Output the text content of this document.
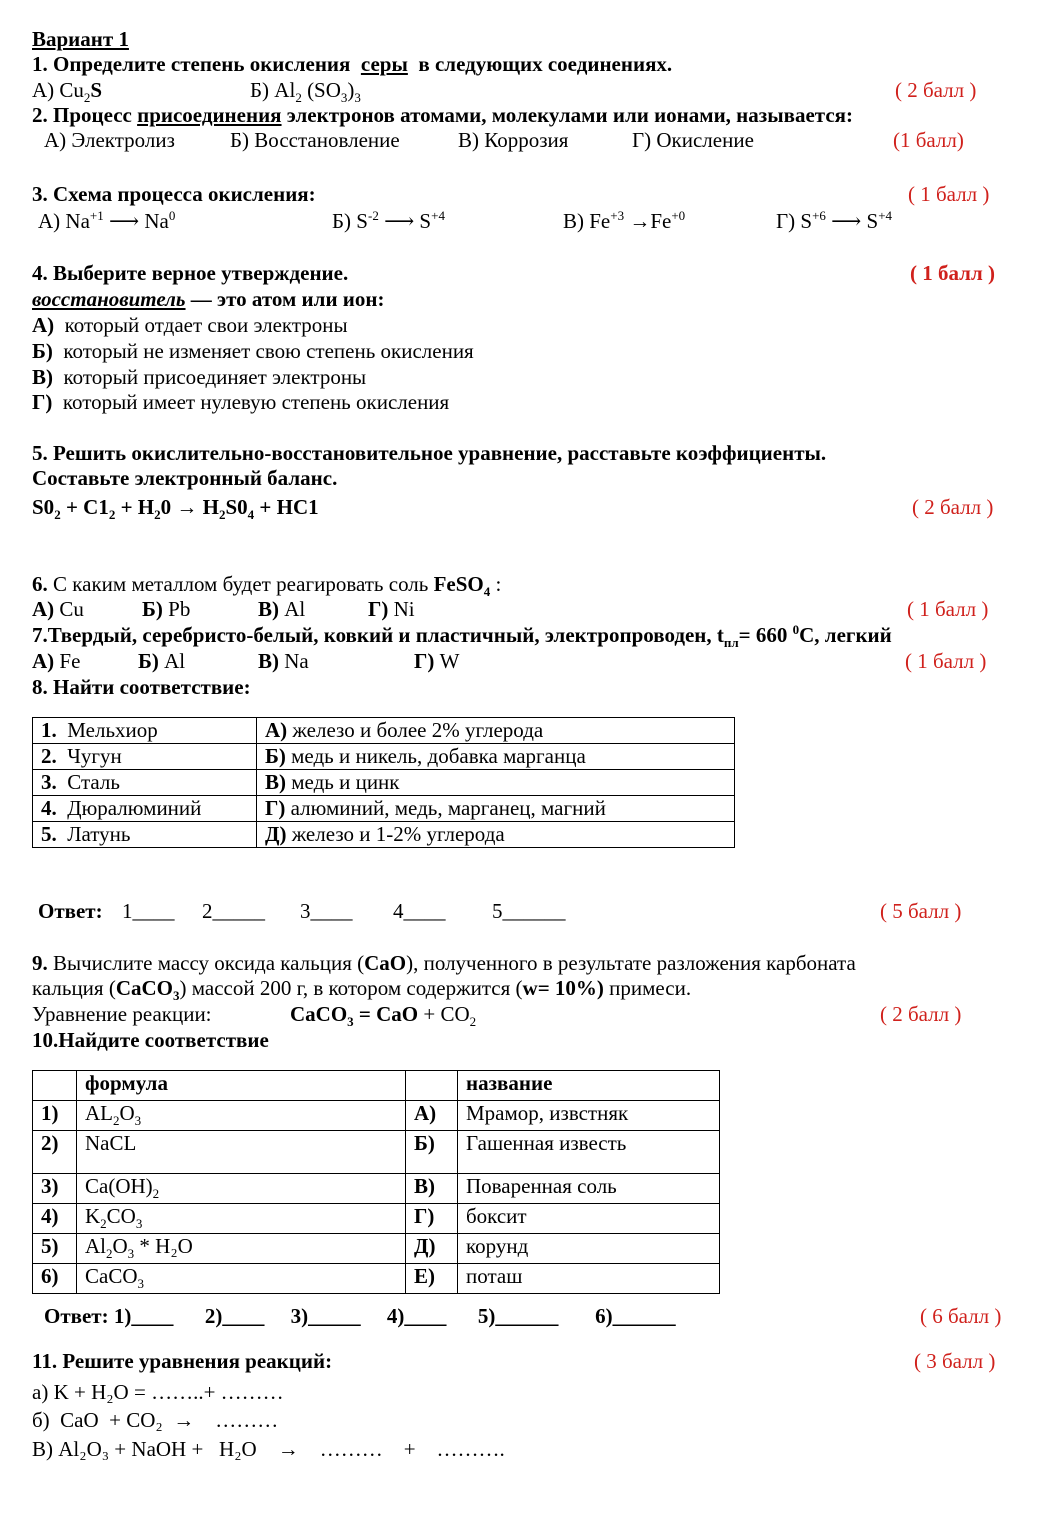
Вариант 1
1. Определите степень окисления серы в следующих соединениях.
А) $Cu_2S$	Б) $Al_2$ $(SO_3)_3$	( 2 балл )
2. Процесс присоединения электронов атомами, молекулами или ионами, называется:
А) Электролиз	Б) Восстановление	В) Коррозия	Г) Окисление	(1 балл)
3. Схема процесса окисления:	( 1 балл )
А) $Na^{+1}$ ⟶ Na$^0$	Б) $S^{-2}$ ⟶ $S^{+4}$	В) $Fe^{+3} \to Fe^{+0}$	Г) $S^{+6}$ ⟶ $S^{+4}$
4. Выберите верное утверждение.	( 1 балл )
восстановитель — это атом или ион:
А) который отдает свои электроны
Б) который не изменяет свою степень окисления
В) который присоединяет электроны
Г) который имеет нулевую степень окисления
5. Решить окислительно-восстановительное уравнение, расставьте коэффициенты.
Составьте электронный баланс.
$S0_2 + C1_2 + H_20 \to H_2S0_4 + HC1$	( 2 балл )
6. С каким металлом будет реагировать соль FeSO$_4$ :
А) Cu	Б) Pb	В) Al	Г) Ni	( 1 балл )
7.Твердый, серебристо-белый, ковкий и пластичный, электропроводен, $t_{пл}= 660$ $^0$С, легкий
А) Fe	Б) Al	В) Na	Г) W	( 1 балл )
8. Найти соответствие:
1. Мельхиор	А) железо и более 2% углерода
2. Чугун	Б) медь и никель, добавка марганца
3. Сталь	В) медь и цинк
4. Дюралюминий	Г) алюминий, медь, марганец, магний
5. Латунь	Д) железо и 1-2% углерода
Ответ: 1____ 2_____ 3____ 4____ 5______	( 5 балл )
9. Вычислите массу оксида кальция (CaO), полученного в результате разложения карбоната
кальция (CaCO$_3$) массой 200 г, в котором содержится (w= 10%) примеси.
Уравнение реакции:	CaCO$_3$ = CaO + $CO_2$	( 2 балл )
10.Найдите соответствие
	формула		название
1)	$AL_2O_3$	А)	Мрамор, извстняк
2)	NaCL	Б)	Гашенная известь
3)	$Ca(OH)_2$	В)	Поваренная соль
4)	$K_2CO_3$	Г)	боксит
5)	$Al_2O_3 * H_2O$	Д)	корунд
6)	CaCO$_3$	Е)	поташ
Ответ: 1)____      2)____     3)_____     4)____      5)______       6)______	( 6 балл )
11. Решите уравнения реакций:	( 3 балл )
а) K + H₂O = ……..+ ………
б)  CaO  + CO₂  →    ………
В) Al₂O₃ + NaOH +   H₂O    →    ………    +    ……….
